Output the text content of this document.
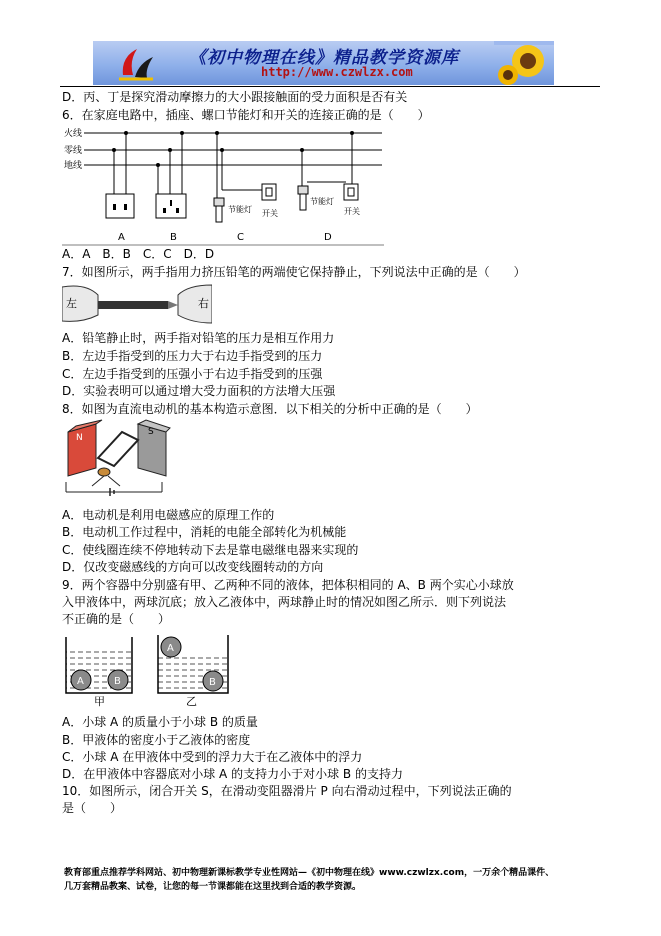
《初中物理在线》精品教学资源库
http://www.czwlzx.com
D．丙、丁是探究滑动摩擦力的大小跟接触面的受力面积是否有关
6．在家庭电路中，插座、螺口节能灯和开关的连接正确的是（　　）
火线
零线
地线
节能灯 开关
节能灯
开关
A	B	C	D
A．A　B．B　C．C　D．D
7．如图所示，两手指用力挤压铅笔的两端使它保持静止，下列说法中正确的是（　　）
左	右
A．铅笔静止时，两手指对铅笔的压力是相互作用力
B．左边手指受到的压力大于右边手指受到的压力
C．左边手指受到的压强小于右边手指受到的压强
D．实验表明可以通过增大受力面积的方法增大压强
8．如图为直流电动机的基本构造示意图．以下相关的分析中正确的是（　　）
N
S
A．电动机是利用电磁感应的原理工作的
B．电动机工作过程中，消耗的电能全部转化为机械能
C．使线圈连续不停地转动下去是靠电磁继电器来实现的
D．仅改变磁感线的方向可以改变线圈转动的方向
9．两个容器中分别盛有甲、乙两种不同的液体，把体积相同的 A、B 两个实心小球放
入甲液体中，两球沉底；放入乙液体中，两球静止时的情况如图乙所示．则下列说法
不正确的是（　　）
A	B
甲
A
B
乙
A．小球 A 的质量小于小球 B 的质量
B．甲液体的密度小于乙液体的密度
C．小球 A 在甲液体中受到的浮力大于在乙液体中的浮力
D．在甲液体中容器底对小球 A 的支持力小于对小球 B 的支持力
10．如图所示，闭合开关 S，在滑动变阻器滑片 P 向右滑动过程中，下列说法正确的
是（　　）
教育部重点推荐学科网站、初中物理新课标教学专业性网站—《初中物理在线》www.czwlzx.com，一万余个精品课件、
几万套精品教案、试卷，让您的每一节课都能在这里找到合适的教学资源。
